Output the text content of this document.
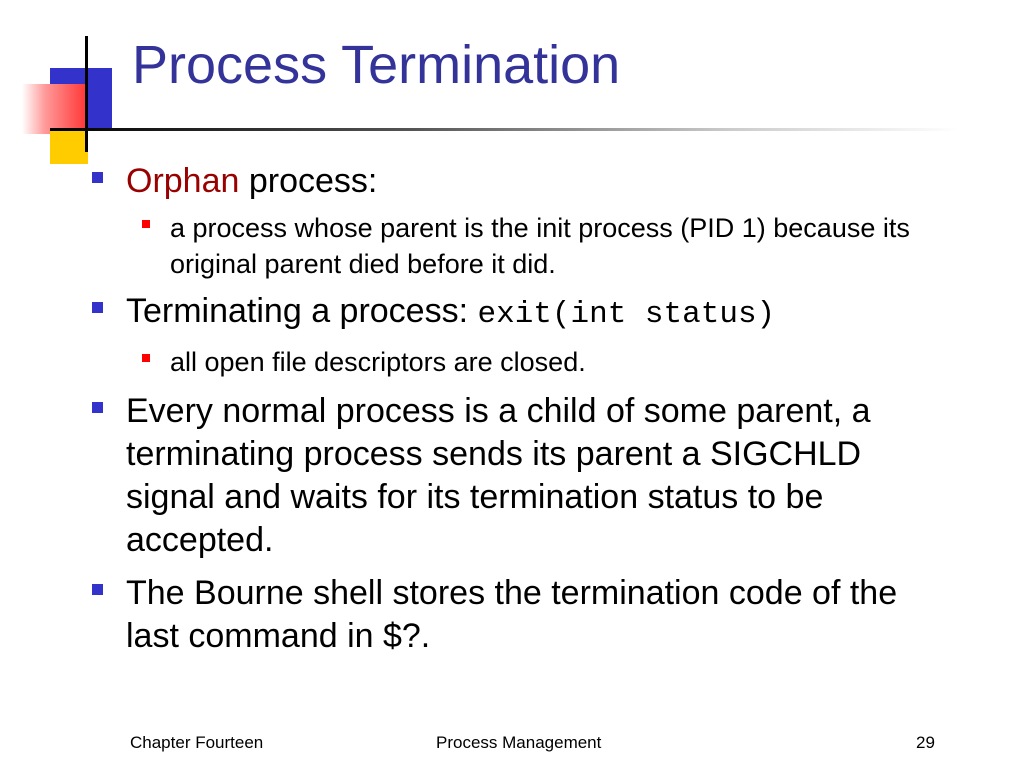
Process Termination
Orphan process:
a process whose parent is the init process (PID 1) because its original parent died before it did.
Terminating a process: exit(int status)
all open file descriptors are closed.
Every normal process is a child of some parent, a terminating process sends its parent a SIGCHLD signal and waits for its termination status to be accepted.
The Bourne shell stores the termination code of the last command in $?.
Chapter Fourteen	Process Management	29
